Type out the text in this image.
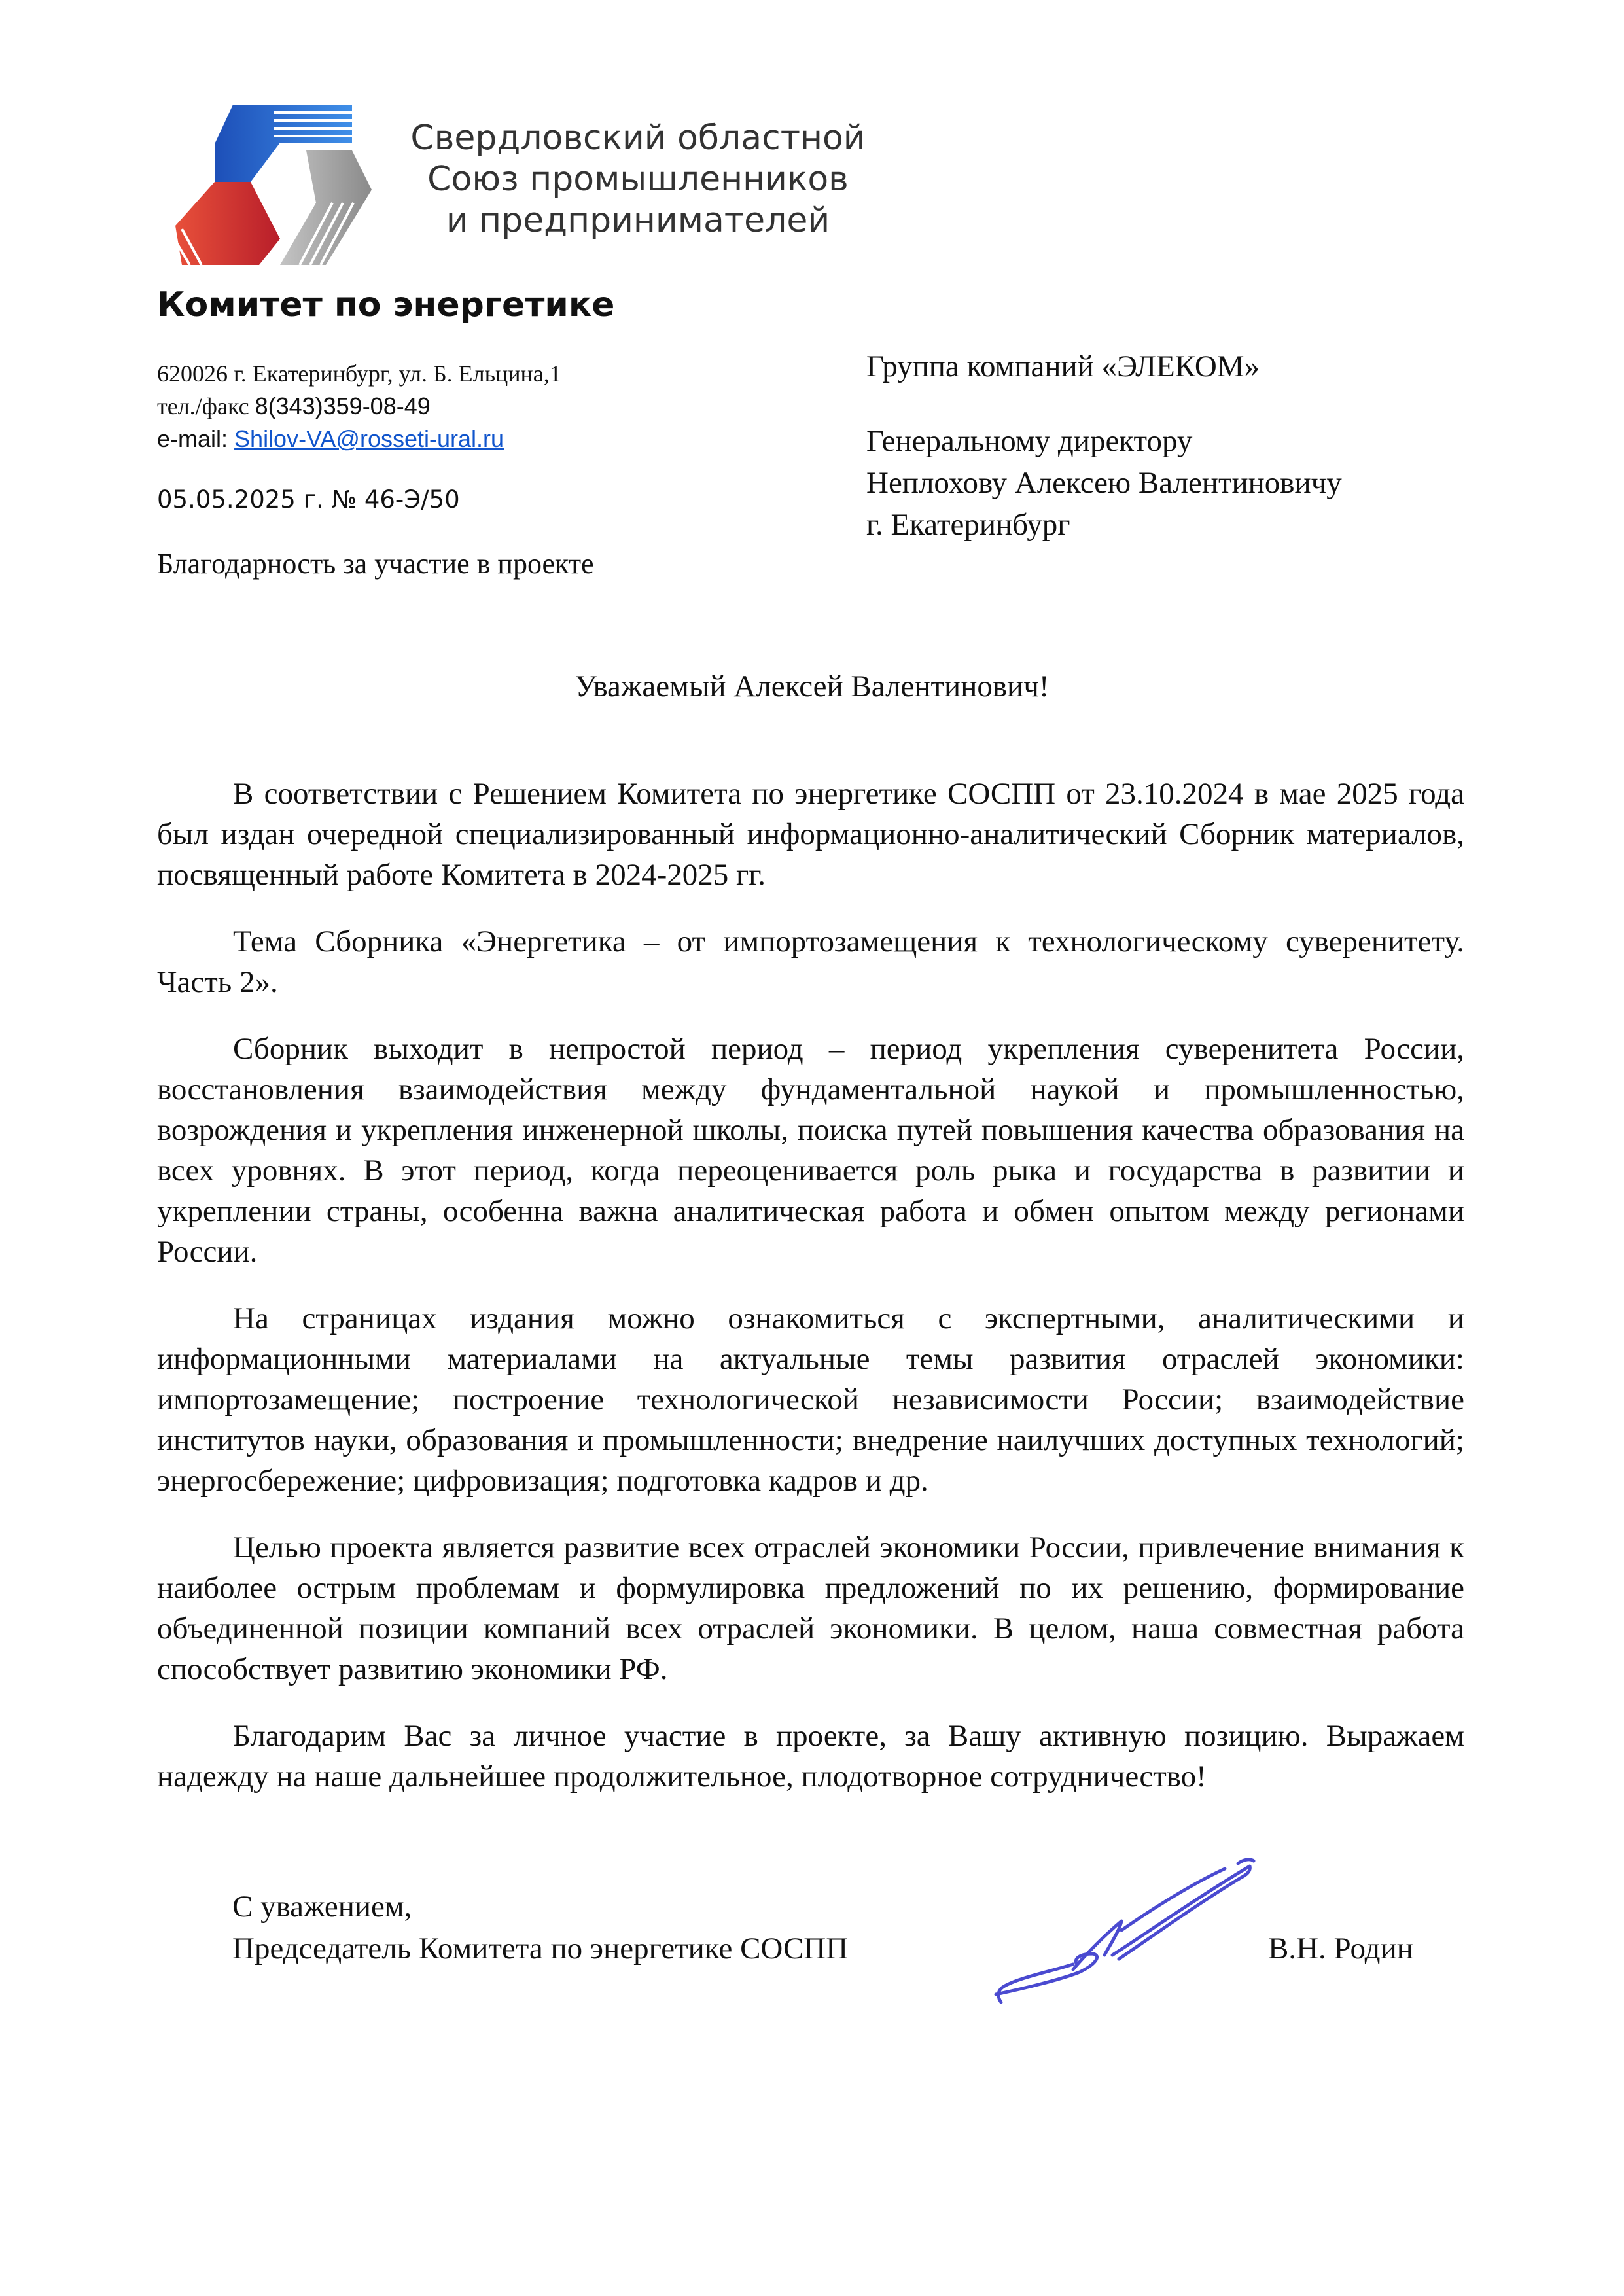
Свердловский областной
Союз промышленников
и предпринимателей
Комитет по энергетике
620026 г. Екатеринбург, ул. Б. Ельцина,1
тел./факс 8(343)359-08-49
e-mail: Shilov-VA@rosseti-ural.ru
05.05.2025 г. № 46-Э/50
Благодарность за участие в проекте
Группа компаний «ЭЛЕКОМ»
Генеральному директору
Неплохову Алексею Валентиновичу
г. Екатеринбург
Уважаемый Алексей Валентинович!

В соответствии с Решением Комитета по энергетике СОСПП от 23.10.2024 в мае 2025 года был издан очередной специализированный информационно-аналитический Сборник материалов, посвященный работе Комитета в 2024-2025 гг.

Тема Сборника «Энергетика – от импортозамещения к технологическому суверенитету. Часть 2».

Сборник выходит в непростой период – период укрепления суверенитета России, восстановления взаимодействия между фундаментальной наукой и промышленностью, возрождения и укрепления инженерной школы, поиска путей повышения качества образования на всех уровнях. В этот период, когда переоценивается роль рыка и государства в развитии и укреплении страны, особенна важна аналитическая работа и обмен опытом между регионами России.

На страницах издания можно ознакомиться с экспертными, аналитическими и информационными материалами на актуальные темы развития отраслей экономики: импортозамещение; построение технологической независимости России; взаимодействие институтов науки, образования и промышленности; внедрение наилучших доступных технологий; энергосбережение; цифровизация; подготовка кадров и др.

Целью проекта является развитие всех отраслей экономики России, привлечение внимания к наиболее острым проблемам и формулировка предложений по их решению, формирование объединенной позиции компаний всех отраслей экономики. В целом, наша совместная работа способствует развитию экономики РФ.

Благодарим Вас за личное участие в проекте, за Вашу активную позицию. Выражаем надежду на наше дальнейшее продолжительное, плодотворное сотрудничество!

С уважением,
Председатель Комитета по энергетике СОСПП	В.Н. Родин
